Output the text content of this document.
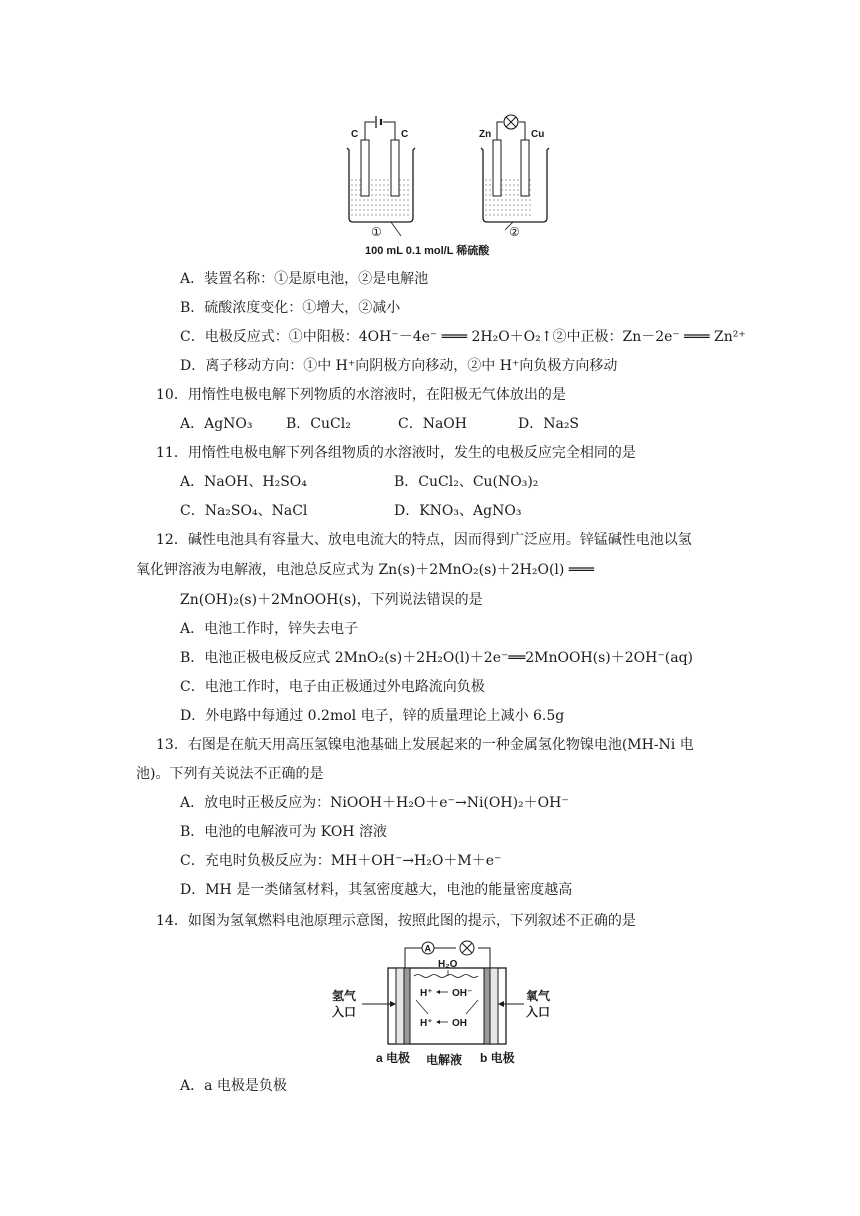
C	C
①
Zn	Cu
②
100 mL 0.1 mol/L 稀硫酸
A．装置名称：①是原电池，②是电解池
B．硫酸浓度变化：①增大，②减小
C．电极反应式：①中阳极：4OH⁻－4e⁻ ═══ 2H₂O＋O₂↑②中正极：Zn－2e⁻ ═══ Zn²⁺
D．离子移动方向：①中 H⁺向阴极方向移动，②中 H⁺向负极方向移动
10．用惰性电极电解下列物质的水溶液时，在阳极无气体放出的是
A．AgNO₃ B．CuCl₂	C．NaOH	D．Na₂S
11．用惰性电极电解下列各组物质的水溶液时，发生的电极反应完全相同的是
A．NaOH、H₂SO₄	B．CuCl₂、Cu(NO₃)₂
C．Na₂SO₄、NaCl	D．KNO₃、AgNO₃
12．碱性电池具有容量大、放电电流大的特点，因而得到广泛应用。锌锰碱性电池以氢
氧化钾溶液为电解液，电池总反应式为 Zn(s)＋2MnO₂(s)＋2H₂O(l) ═══
Zn(OH)₂(s)＋2MnOOH(s)，下列说法错误的是
A．电池工作时，锌失去电子
B．电池正极电极反应式 2MnO₂(s)＋2H₂O(l)＋2e⁻══2MnOOH(s)＋2OH⁻(aq)
C．电池工作时，电子由正极通过外电路流向负极
D．外电路中每通过 0.2mol 电子，锌的质量理论上减小 6.5g
13．右图是在航天用高压氢镍电池基础上发展起来的一种金属氢化物镍电池(MH-Ni 电
池)。下列有关说法不正确的是
A．放电时正极反应为：NiOOH＋H₂O＋e⁻→Ni(OH)₂＋OH⁻
B．电池的电解液可为 KOH 溶液
C．充电时负极反应为：MH＋OH⁻→H₂O＋M＋e⁻
D．MH 是一类储氢材料，其氢密度越大，电池的能量密度越高
14．如图为氢氧燃料电池原理示意图，按照此图的提示，下列叙述不正确的是
A
H₂O
H⁺ OH⁻
H⁺ OH
氢气
入口
氧气
入口
a 电极 电解液 b 电极
A．a 电极是负极
